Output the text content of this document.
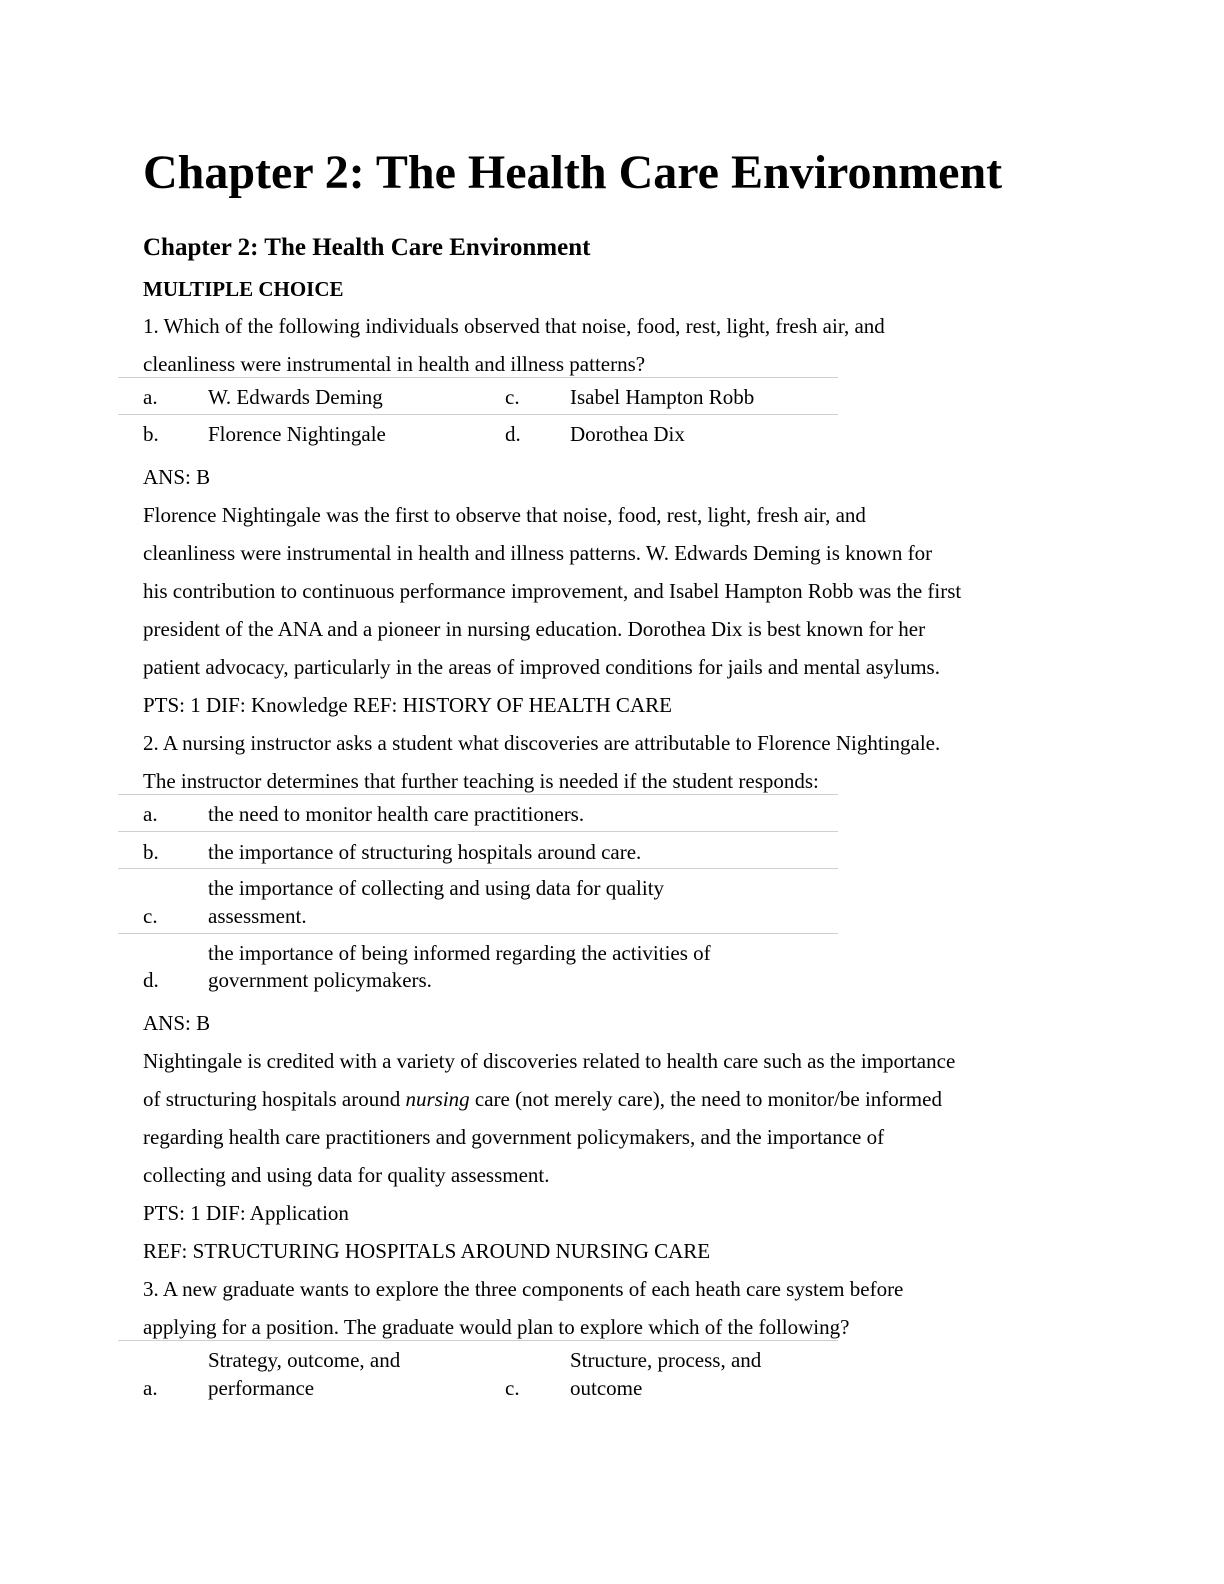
Chapter 2: The Health Care Environment
Chapter 2: The Health Care Environment
MULTIPLE CHOICE
1. Which of the following individuals observed that noise, food, rest, light, fresh air, and
cleanliness were instrumental in health and illness patterns?
a. W. Edwards Deming	c. Isabel Hampton Robb
b. Florence Nightingale	d. Dorothea Dix
ANS: B
Florence Nightingale was the first to observe that noise, food, rest, light, fresh air, and
cleanliness were instrumental in health and illness patterns. W. Edwards Deming is known for
his contribution to continuous performance improvement, and Isabel Hampton Robb was the first
president of the ANA and a pioneer in nursing education. Dorothea Dix is best known for her
patient advocacy, particularly in the areas of improved conditions for jails and mental asylums.
PTS: 1 DIF: Knowledge REF: HISTORY OF HEALTH CARE
2. A nursing instructor asks a student what discoveries are attributable to Florence Nightingale.
The instructor determines that further teaching is needed if the student responds:
a. the need to monitor health care practitioners.
b. the importance of structuring hospitals around care.
the importance of collecting and using data for quality
c. assessment.
the importance of being informed regarding the activities of
d. government policymakers.
ANS: B
Nightingale is credited with a variety of discoveries related to health care such as the importance
of structuring hospitals around nursing care (not merely care), the need to monitor/be informed
regarding health care practitioners and government policymakers, and the importance of
collecting and using data for quality assessment.
PTS: 1 DIF: Application
REF: STRUCTURING HOSPITALS AROUND NURSING CARE
3. A new graduate wants to explore the three components of each heath care system before
applying for a position. The graduate would plan to explore which of the following?
Strategy, outcome, and	Structure, process, and
a. performance	c. outcome
